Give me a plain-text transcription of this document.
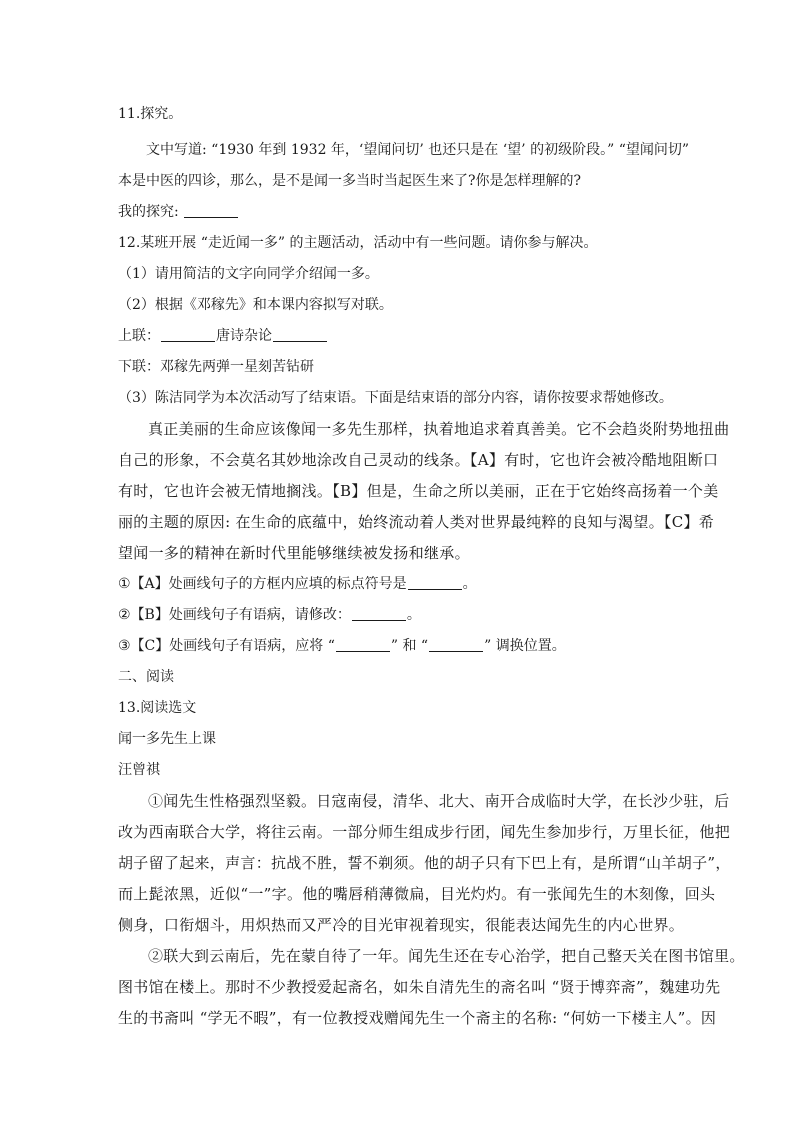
11.探究。
文中写道: “1930 年到 1932 年，‘望闻问切’ 也还只是在 ‘望’ 的初级阶段。” “望闻问切”
本是中医的四诊，那么，是不是闻一多当时当起医生来了?你是怎样理解的?
我的探究:
12.某班开展 “走近闻一多” 的主题活动，活动中有一些问题。请你参与解决。
（1）请用简洁的文字向同学介绍闻一多。
（2）根据《邓稼先》和本课内容拟写对联。
上联：	唐诗杂论
下联：邓稼先两弹一星刻苦钻研
（3）陈洁同学为本次活动写了结束语。下面是结束语的部分内容，请你按要求帮她修改。
真正美丽的生命应该像闻一多先生那样，执着地追求着真善美。它不会趋炎附势地扭曲
自己的形象，不会莫名其妙地涂改自己灵动的线条。【A】有时，它也许会被冷酷地阻断口
有时，它也许会被无情地搁浅。【B】但是，生命之所以美丽，正在于它始终高扬着一个美
丽的主题的原因: 在生命的底蕴中，始终流动着人类对世界最纯粹的良知与渴望。【C】希
望闻一多的精神在新时代里能够继续被发扬和继承。
①【A】处画线句子的方框内应填的标点符号是	。
②【B】处画线句子有语病，请修改：	。
③【C】处画线句子有语病，应将 “	” 和 “	” 调换位置。
二、阅读
13.阅读选文
闻一多先生上课
汪曾祺
①闻先生性格强烈坚毅。日寇南侵，清华、北大、南开合成临时大学，在长沙少驻，后
改为西南联合大学，将往云南。一部分师生组成步行团，闻先生参加步行，万里长征，他把
胡子留了起来，声言：抗战不胜，誓不剃须。他的胡子只有下巴上有，是所谓“山羊胡子”，
而上髭浓黑，近似“一”字。他的嘴唇稍薄微扁，目光灼灼。有一张闻先生的木刻像，回头
侧身，口衔烟斗，用炽热而又严冷的目光审视着现实，很能表达闻先生的内心世界。
②联大到云南后，先在蒙自待了一年。闻先生还在专心治学，把自己整天关在图书馆里。
图书馆在楼上。那时不少教授爱起斋名，如朱自清先生的斋名叫 “贤于博弈斋”，魏建功先
生的书斋叫 “学无不暇”，有一位教授戏赠闻先生一个斋主的名称: “何妨一下楼主人”。因
